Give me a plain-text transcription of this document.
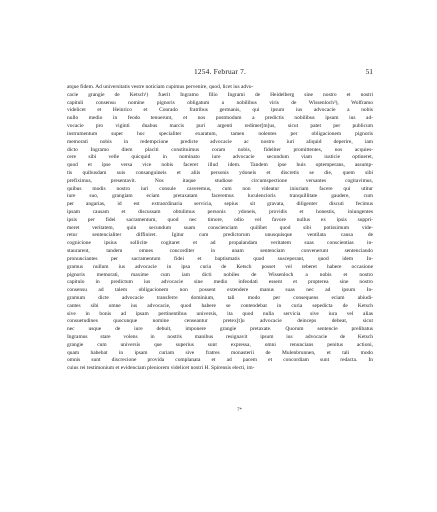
1254. Februar 7.	51
atque fidem. Ad universitatis vestre noticiam cupimus pervenire, quod, licet ius advo-
cacie grangie de Ketsch¹) fuerit Ingramo filio Ingrami de Heidelberg sine nostro et nostri
capituli consensu nomine pignoris obligatum a nobilibus viris de Wissenloch²), Wolframo
videlicet et Heinrico et Conrado fratribus germanis, qui ipsum ius advocacie a nobis
nullo medio in feodo tenuerunt, et nos postmodum a predictis nobilibus ipsum ius ad-
vocacie pro viginti duabus marcis puri argenti redimer[m]us, sicut patet per publicum
instrumentum super hoc specialiter exaratum, tamen nolentes per obligacionem pignoris
memorati nobis in redempcione predicte advocacie ac nostro iuri aliquid deperire, iam
dicto Ingramo diem placiti constituimus coram nobis, fideliter promittentes, nos acquies-
cere sibi velle quicquid in nominato iure advocacie secundum viam iusticie optineret,
quod et ipse versa vice nobis faceret illud idem. Tandem ipse huis optemperans, assump-
tis quibusdam suis consanguineis et aliis personis ydoneis et discretis se die, quem sibi
prefiximus, presentavit. Nos itaque studiose circumspectione versantes cogitavimus,
quibus modis nostro iuri consule caveremus, cum non videatur iniuriam facere qui utitur
iure suo, grangiam eciam pretaxatam faceremus luculencioris tranquillitate gaudere, cum
per angarias, id est extraordinaria servicia, sepius sit gravata, diligenter discuti fecimus
ipsam causam et discussam obtulimus personis ydoneis, providis et honestis, iniungentes
ipsis per fidei sacramentum, quod nec timore, odio vel favore nullus ex ipsis suppri-
meret veritatem, quin secundum suam conscienciam quilibet quod sibi potissimum vide-
retur sentencialiter diffiniret. Igitur cum predictorum unusquisque ventilata causa de
cognicione ipsius sollicite cogitaret et ad propalandam veritatem suas conscientias in-
staurarent, tandem omnes concorditer in unam sentenciam convenerunt sentenciando
pronunciantes per sacramentum fidei et baptismatis quod susceperant, quod idem In-
gramus nullum ius advocacie in ipsa curia de Ketsch posset vel teberet habere occasione
pignoris memorati, maxime cum iam dicti nobiles de Wissenloch a nobis et nostro
capitulo in predictum ius advocacie sine medio infeodati essent et propterea sine nostro
consensu ad talem obligacionem non possent extendere manus suas nec ad ipsum In-
gramum dicte advocacie transferre dominium, tali modo per consequens eciam abiudi-
cantes sibi omne ius advocacie, quod habere se contendebat in curia sepedicta de Ketsch
sive in bonis ad ipsam pertinentibus universis, ita quod nulla servicia sive iura vel alias
consuetudines quocunque nomine censeantur pretex[t]u advocacie deinceps debeat, sicut
nec usque de iure debuit, imponere grangie pretaxate. Quorum sentencie prelibatus
Ingramus stare volens in nostris manibus resignavit ipsum ius advocacie de Ketsch
grangie cum universis que superius sunt expressa, omni renuncians penitus actioni,
quam habebat in ipsam curiam sive fratres monasterii de Mulenbrunnen, et tali modo
omnis sunt discrecione provida complanata et ad pacem et concordiam sunt redacta. In
cuius rei testimonium et evidenciam pleniorem videlicet nostri H. Spirensis electi, im-
7*
